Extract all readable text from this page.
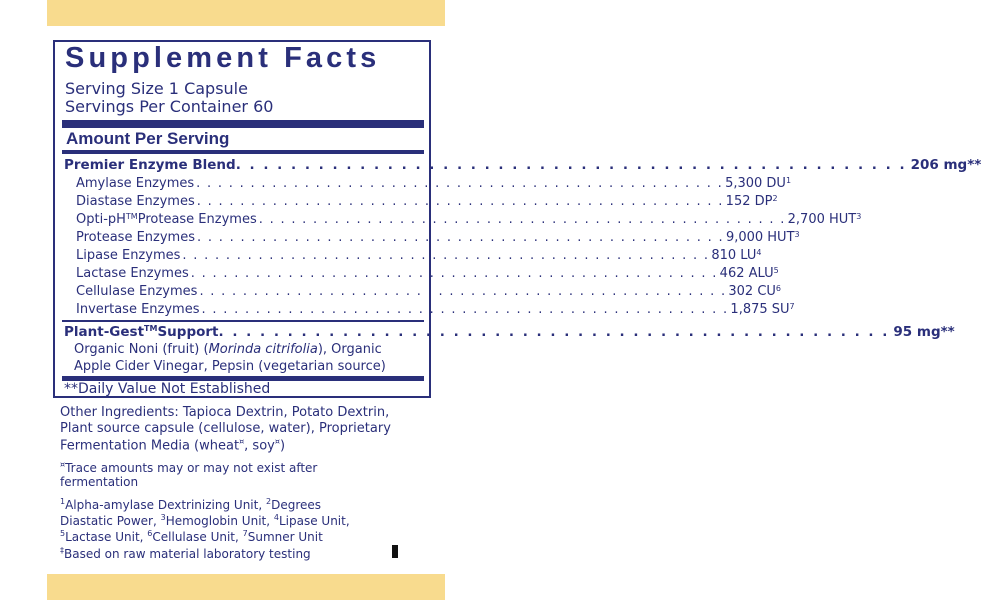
Supplement Facts
Serving Size 1 Capsule
Servings Per Container 60
Amount Per Serving
Premier Enzyme Blend . . . . . . . . . . . . . . . . . . . . . . . . . . . . . . . . . . . . . . . . . . . . . . . . . 206 mg **
Amylase Enzymes . . . . . . . . . . . . . . . . . . . . . . . . . . . . . . . . . . . . . . . . . . . . . . . . . 5,300 DU 1
Diastase Enzymes . . . . . . . . . . . . . . . . . . . . . . . . . . . . . . . . . . . . . . . . . . . . . . . . . 152 DP 2
Opti-pH TM Protease Enzymes . . . . . . . . . . . . . . . . . . . . . . . . . . . . . . . . . . . . . . . . . . . . . . . . . 2,700 HUT 3
Protease Enzymes . . . . . . . . . . . . . . . . . . . . . . . . . . . . . . . . . . . . . . . . . . . . . . . . . 9,000 HUT 3
Lipase Enzymes . . . . . . . . . . . . . . . . . . . . . . . . . . . . . . . . . . . . . . . . . . . . . . . . . 810 LU 4
Lactase Enzymes . . . . . . . . . . . . . . . . . . . . . . . . . . . . . . . . . . . . . . . . . . . . . . . . . 462 ALU 5
Cellulase Enzymes . . . . . . . . . . . . . . . . . . . . . . . . . . . . . . . . . . . . . . . . . . . . . . . . . 302 CU 6
Invertase Enzymes . . . . . . . . . . . . . . . . . . . . . . . . . . . . . . . . . . . . . . . . . . . . . . . . . 1,875 SU 7
Plant-Gest TM Support . . . . . . . . . . . . . . . . . . . . . . . . . . . . . . . . . . . . . . . . . . . . . . . . . 95 mg **
Organic Noni (fruit) (Morinda citrifolia), Organic
Apple Cider Vinegar, Pepsin (vegetarian source)
**Daily Value Not Established
Other Ingredients: Tapioca Dextrin, Potato Dextrin,
Plant source capsule (cellulose, water), Proprietary
Fermentation Media (wheat¤, soy¤)
¤Trace amounts may or may not exist after
fermentation
$^1$Alpha-amylase Dextrinizing Unit, $^2$Degrees
Diastatic Power, $^3$Hemoglobin Unit, $^4$Lipase Unit,
$^5$Lactase Unit, $^6$Cellulase Unit, $^7$Sumner Unit
‡Based on raw material laboratory testing
